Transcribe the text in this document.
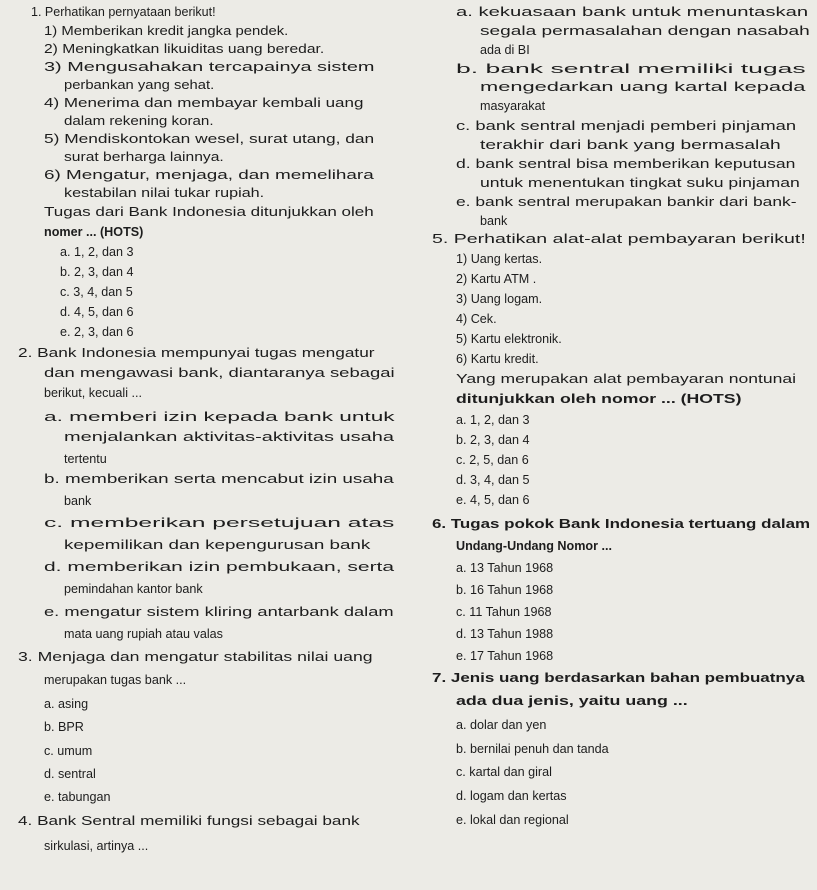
1. Perhatikan pernyataan berikut!
1) Memberikan kredit jangka pendek.
2) Meningkatkan likuiditas uang beredar.
3) Mengusahakan tercapainya sistem
perbankan yang sehat.
4) Menerima dan membayar kembali uang
dalam rekening koran.
5) Mendiskontokan wesel, surat utang, dan
surat berharga lainnya.
6) Mengatur, menjaga, dan memelihara
kestabilan nilai tukar rupiah.
Tugas dari Bank Indonesia ditunjukkan oleh
nomer ... (HOTS)
a. 1, 2, dan 3
b. 2, 3, dan 4
c. 3, 4, dan 5
d. 4, 5, dan 6
e. 2, 3, dan 6
2. Bank Indonesia mempunyai tugas mengatur
dan mengawasi bank, diantaranya sebagai
berikut, kecuali ...
a. memberi izin kepada bank untuk
menjalankan aktivitas-aktivitas usaha
tertentu
b. memberikan serta mencabut izin usaha
bank
c. memberikan persetujuan atas
kepemilikan dan kepengurusan bank
d. memberikan izin pembukaan, serta
pemindahan kantor bank
e. mengatur sistem kliring antarbank dalam
mata uang rupiah atau valas
3. Menjaga dan mengatur stabilitas nilai uang
merupakan tugas bank ...
a. asing
b. BPR
c. umum
d. sentral
e. tabungan
4. Bank Sentral memiliki fungsi sebagai bank
sirkulasi, artinya ...
a. kekuasaan bank untuk menuntaskan
segala permasalahan dengan nasabah
ada di BI
b. bank sentral memiliki tugas
mengedarkan uang kartal kepada
masyarakat
c. bank sentral menjadi pemberi pinjaman
terakhir dari bank yang bermasalah
d. bank sentral bisa memberikan keputusan
untuk menentukan tingkat suku pinjaman
e. bank sentral merupakan bankir dari bank-
bank
5. Perhatikan alat-alat pembayaran berikut!
1) Uang kertas.
2) Kartu ATM .
3) Uang logam.
4) Cek.
5) Kartu elektronik.
6) Kartu kredit.
Yang merupakan alat pembayaran nontunai
ditunjukkan oleh nomor ... (HOTS)
a. 1, 2, dan 3
b. 2, 3, dan 4
c. 2, 5, dan 6
d. 3, 4, dan 5
e. 4, 5, dan 6
6. Tugas pokok Bank Indonesia tertuang dalam
Undang-Undang Nomor ...
a. 13 Tahun 1968
b. 16 Tahun 1968
c. 11 Tahun 1968
d. 13 Tahun 1988
e. 17 Tahun 1968
7. Jenis uang berdasarkan bahan pembuatnya
ada dua jenis, yaitu uang ...
a. dolar dan yen
b. bernilai penuh dan tanda
c. kartal dan giral
d. logam dan kertas
e. lokal dan regional
